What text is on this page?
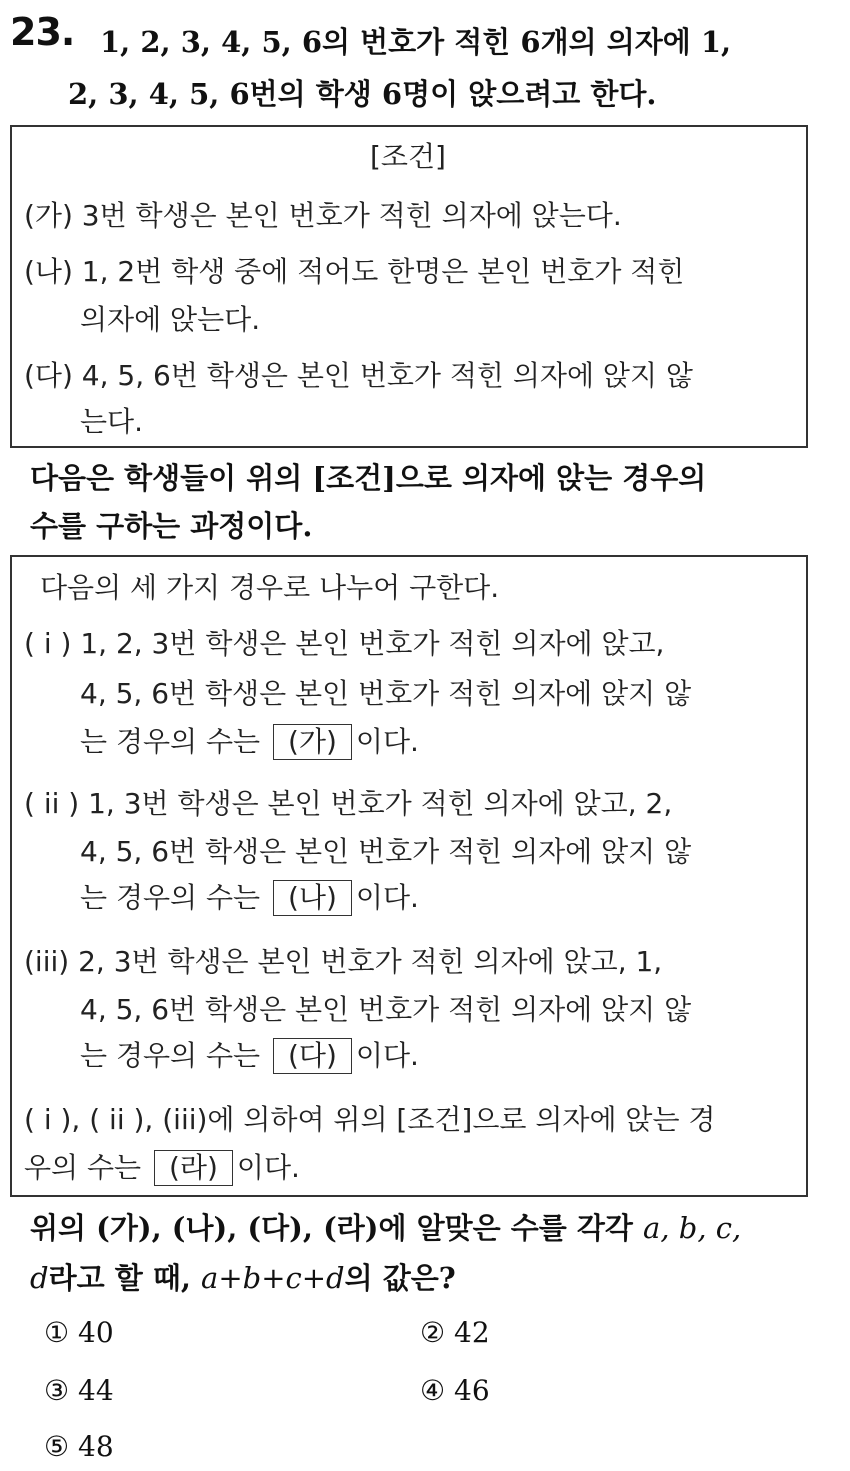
23. 1, 2, 3, 4, 5, 6의 번호가 적힌 6개의 의자에 1,
2, 3, 4, 5, 6번의 학생 6명이 앉으려고 한다.
[조건]
(가) 3번 학생은 본인 번호가 적힌 의자에 앉는다.
(나) 1, 2번 학생 중에 적어도 한명은 본인 번호가 적힌
의자에 앉는다.
(다) 4, 5, 6번 학생은 본인 번호가 적힌 의자에 앉지 않
는다.
다음은 학생들이 위의 [조건]으로 의자에 앉는 경우의
수를 구하는 과정이다.
다음의 세 가지 경우로 나누어 구한다.
( i ) 1, 2, 3번 학생은 본인 번호가 적힌 의자에 앉고,
4, 5, 6번 학생은 본인 번호가 적힌 의자에 앉지 않
는 경우의 수는 (가) 이다.
( ii ) 1, 3번 학생은 본인 번호가 적힌 의자에 앉고, 2,
4, 5, 6번 학생은 본인 번호가 적힌 의자에 앉지 않
는 경우의 수는 (나) 이다.
(iii) 2, 3번 학생은 본인 번호가 적힌 의자에 앉고, 1,
4, 5, 6번 학생은 본인 번호가 적힌 의자에 앉지 않
는 경우의 수는 (다) 이다.
( i ), ( ii ), (iii)에 의하여 위의 [조건]으로 의자에 앉는 경
우의 수는 (라) 이다.
위의 (가), (나), (다), (라)에 알맞은 수를 각각 a, b, c,
d라고 할 때, a+b+c+d의 값은?
① 40	② 42
③ 44	④ 46
⑤ 48
